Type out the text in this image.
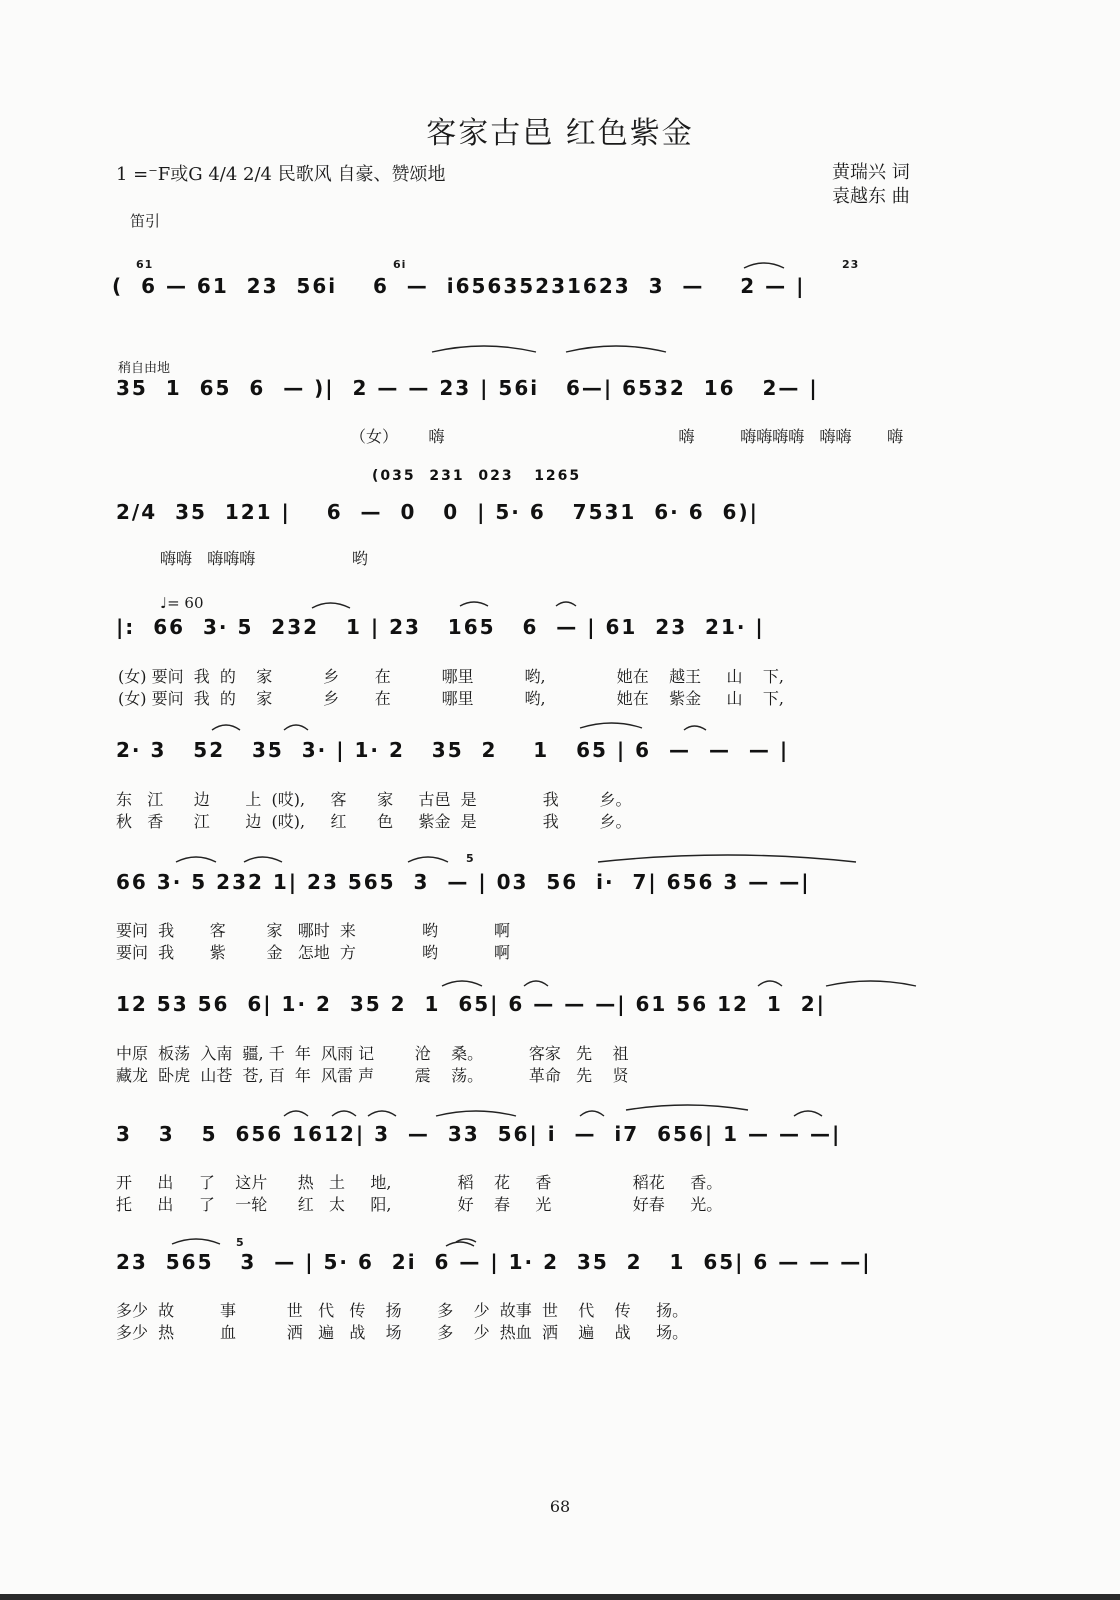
客家古邑 红色紫金
1 =⁻F或G 4/4 2/4 民歌风 自豪、赞颂地	黄瑞兴 词
袁越东 曲
笛引
(  6 — 61  23  56i    6  —  i65635231623  3  —    2 — |
61	6i	23
稍自由地
35  1  65  6  — )|  2 — — 23 | 56i   6—| 6532  16   2— |
（女）      嗨                                              嗨         嗨嗨嗨嗨   嗨嗨       嗨
(035  231  023   1265
2/4  35  121 |    6  —  0   0  | 5· 6   7531  6· 6  6)|
嗨嗨   嗨嗨嗨                   哟
♩= 60
|:  66  3· 5  232   1 | 23   165   6  — | 61  23  21· |
(女) 要问  我  的    家          乡       在          哪里          哟,              她在    越王     山    下,
(女) 要问  我  的    家          乡       在          哪里          哟,              她在    紫金     山    下,
2· 3   52   35  3· | 1· 2   35  2    1   65 | 6  —  —  — |
东   江      边       上  (哎),     客      家     古邑  是             我        乡。
秋   香      江       边  (哎),     红      色     紫金  是             我        乡。
5
66 3· 5 232 1| 23 565  3  — | 03  56  i·  7| 656 3 — —|
要问  我       客        家   哪时  来             哟           啊
要问  我       紫        金   怎地  方             哟           啊
12 53 56  6| 1· 2  35 2  1  65| 6 — — —| 61 56 12  1  2|
中原  板荡  入南  疆, 千  年  风雨 记        沧    桑。         客家   先    祖
藏龙  卧虎  山苍  苍, 百  年  风雷 声        震    荡。         革命   先    贤
3   3   5  656 1612| 3  —  33  56| i  —  i7  656| 1 — — —|
开     出     了    这片      热   土     地,             稻    花     香                稻花     香。
托     出     了    一轮      红   太     阳,             好    春     光                好春     光。
5
23  565   3  — | 5· 6  2i  6 — | 1· 2  35  2   1  65| 6 — — —|
多少  故         事          世   代   传    扬       多    少  故事  世    代    传     扬。
多少  热         血          洒   遍   战    场       多    少  热血  洒    遍    战     场。
68
